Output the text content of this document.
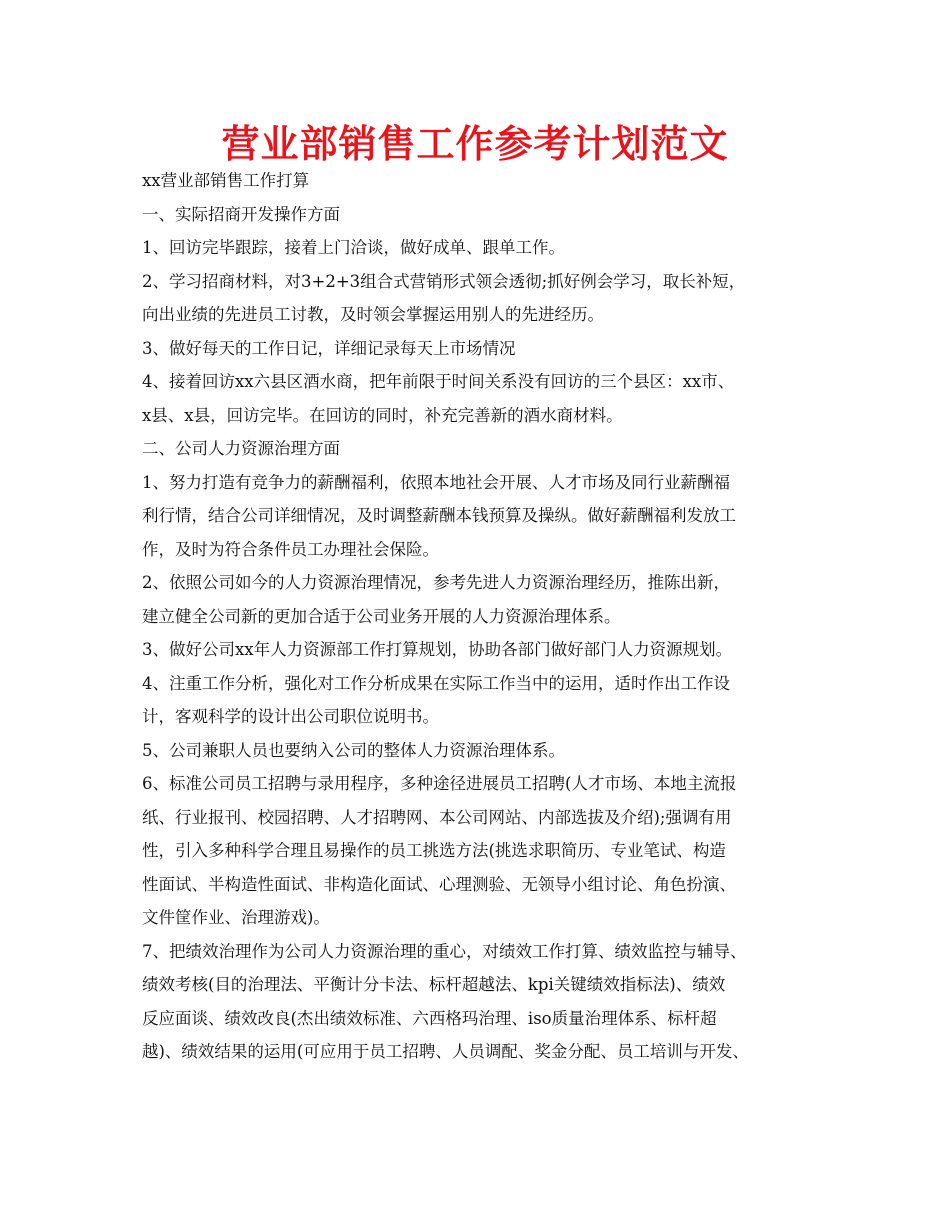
营业部销售工作参考计划范文
xx营业部销售工作打算
一、实际招商开发操作方面
1、回访完毕跟踪，接着上门洽谈，做好成单、跟单工作。
2、学习招商材料，对3+2+3组合式营销形式领会透彻;抓好例会学习，取长补短，
向出业绩的先进员工讨教，及时领会掌握运用别人的先进经历。
3、做好每天的工作日记，详细记录每天上市场情况
4、接着回访xx六县区酒水商，把年前限于时间关系没有回访的三个县区：xx市、
x县、x县，回访完毕。在回访的同时，补充完善新的酒水商材料。
二、公司人力资源治理方面
1、努力打造有竞争力的薪酬福利，依照本地社会开展、人才市场及同行业薪酬福
利行情，结合公司详细情况，及时调整薪酬本钱预算及操纵。做好薪酬福利发放工
作，及时为符合条件员工办理社会保险。
2、依照公司如今的人力资源治理情况，参考先进人力资源治理经历，推陈出新，
建立健全公司新的更加合适于公司业务开展的人力资源治理体系。
3、做好公司xx年人力资源部工作打算规划，协助各部门做好部门人力资源规划。
4、注重工作分析，强化对工作分析成果在实际工作当中的运用，适时作出工作设
计，客观科学的设计出公司职位说明书。
5、公司兼职人员也要纳入公司的整体人力资源治理体系。
6、标准公司员工招聘与录用程序，多种途径进展员工招聘(人才市场、本地主流报
纸、行业报刊、校园招聘、人才招聘网、本公司网站、内部选拔及介绍);强调有用
性，引入多种科学合理且易操作的员工挑选方法(挑选求职简历、专业笔试、构造
性面试、半构造性面试、非构造化面试、心理测验、无领导小组讨论、角色扮演、
文件筐作业、治理游戏)。
7、把绩效治理作为公司人力资源治理的重心，对绩效工作打算、绩效监控与辅导、
绩效考核(目的治理法、平衡计分卡法、标杆超越法、kpi关键绩效指标法)、绩效
反应面谈、绩效改良(杰出绩效标准、六西格玛治理、iso质量治理体系、标杆超
越)、绩效结果的运用(可应用于员工招聘、人员调配、奖金分配、员工培训与开发、
